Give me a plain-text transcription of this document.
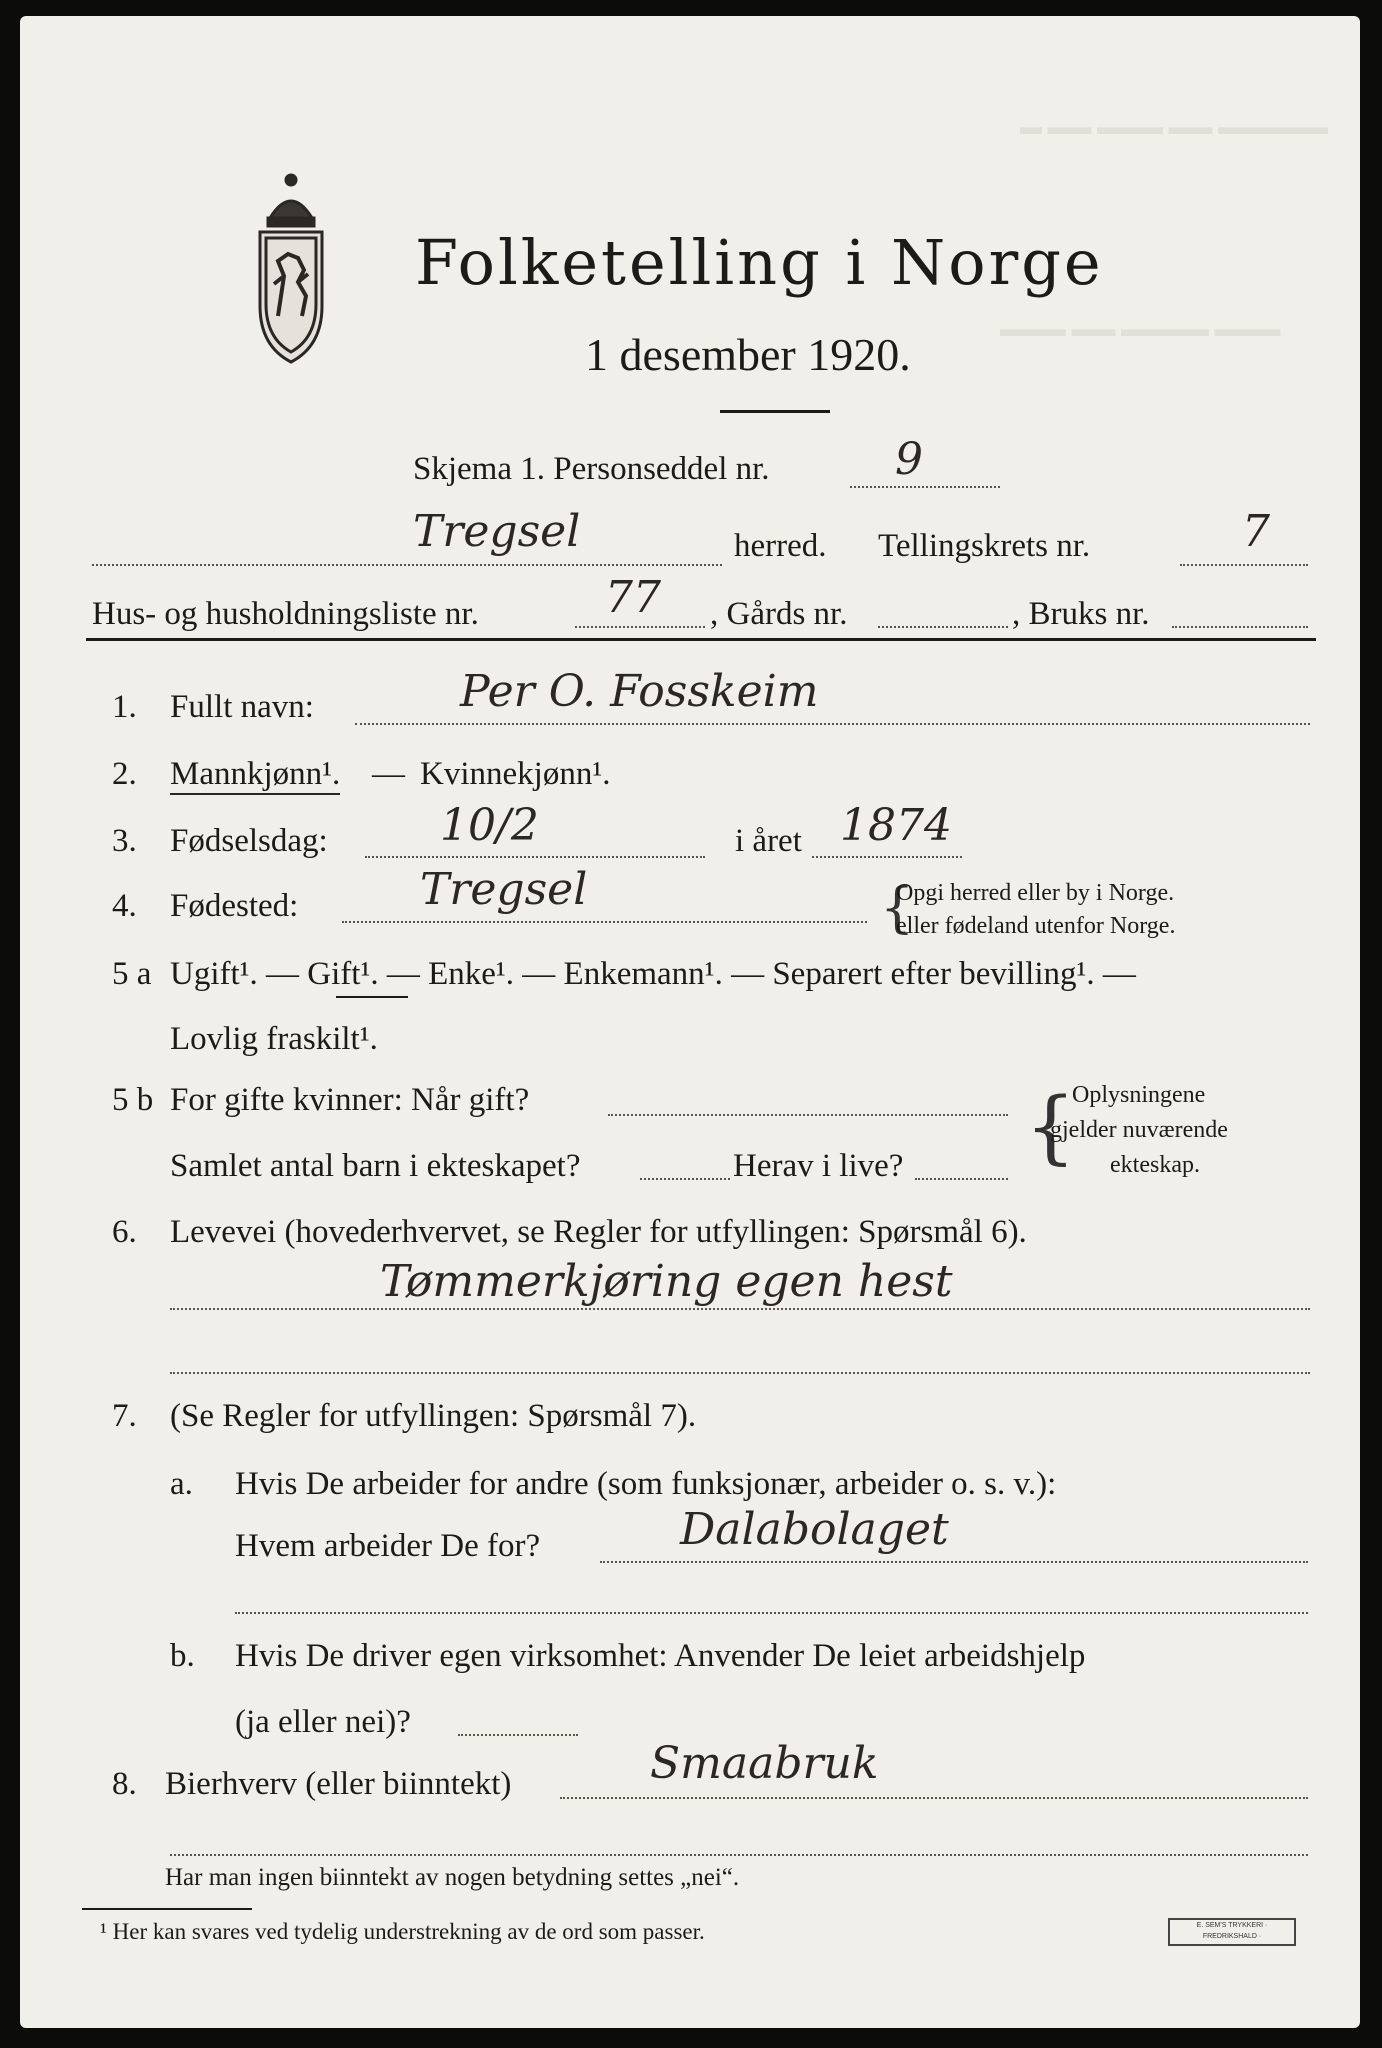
▬ ▬▬ ▬▬▬ ▬▬ ▬▬▬▬▬
▬▬▬ ▬▬ ▬▬▬▬ ▬▬▬
Folketelling i Norge
1 desember 1920.
Skjema 1. Personseddel nr.	9
Tregsel	herred. Tellingskrets nr.	7
Hus- og husholdningsliste nr.	77 , Gårds nr.	, Bruks nr.
1. Fullt navn:	Per O. Fosskeim
2. Mannkjønn¹. — Kvinnekjønn¹.
3. Fødselsdag:	10/2	i året 1874
4. Fødested:	Tregsel	{
Opgi herred eller by i Norge.
eller fødeland utenfor Norge.
5 a Ugift¹. — Gift¹. — Enke¹. — Enkemann¹. — Separert efter bevilling¹. —
Lovlig fraskilt¹.
5 b For gifte kvinner: Når gift?
Samlet antal barn i ekteskapet?	Herav i live? {
Oplysningene
gjelder nuværende
ekteskap.
6. Levevei (hovederhvervet, se Regler for utfyllingen: Spørsmål 6).
Tømmerkjøring egen hest
7. (Se Regler for utfyllingen: Spørsmål 7).
a. Hvis De arbeider for andre (som funksjonær, arbeider o. s. v.):
Hvem arbeider De for?	Dalabolaget
b. Hvis De driver egen virksomhet: Anvender De leiet arbeidshjelp
(ja eller nei)?
8. Bierhverv (eller biinntekt)	Smaabruk
Har man ingen biinntekt av nogen betydning settes „nei“.
¹ Her kan svares ved tydelig understrekning av de ord som passer.	E. SEM'S TRYKKERI · FREDRIKSHALD ·
